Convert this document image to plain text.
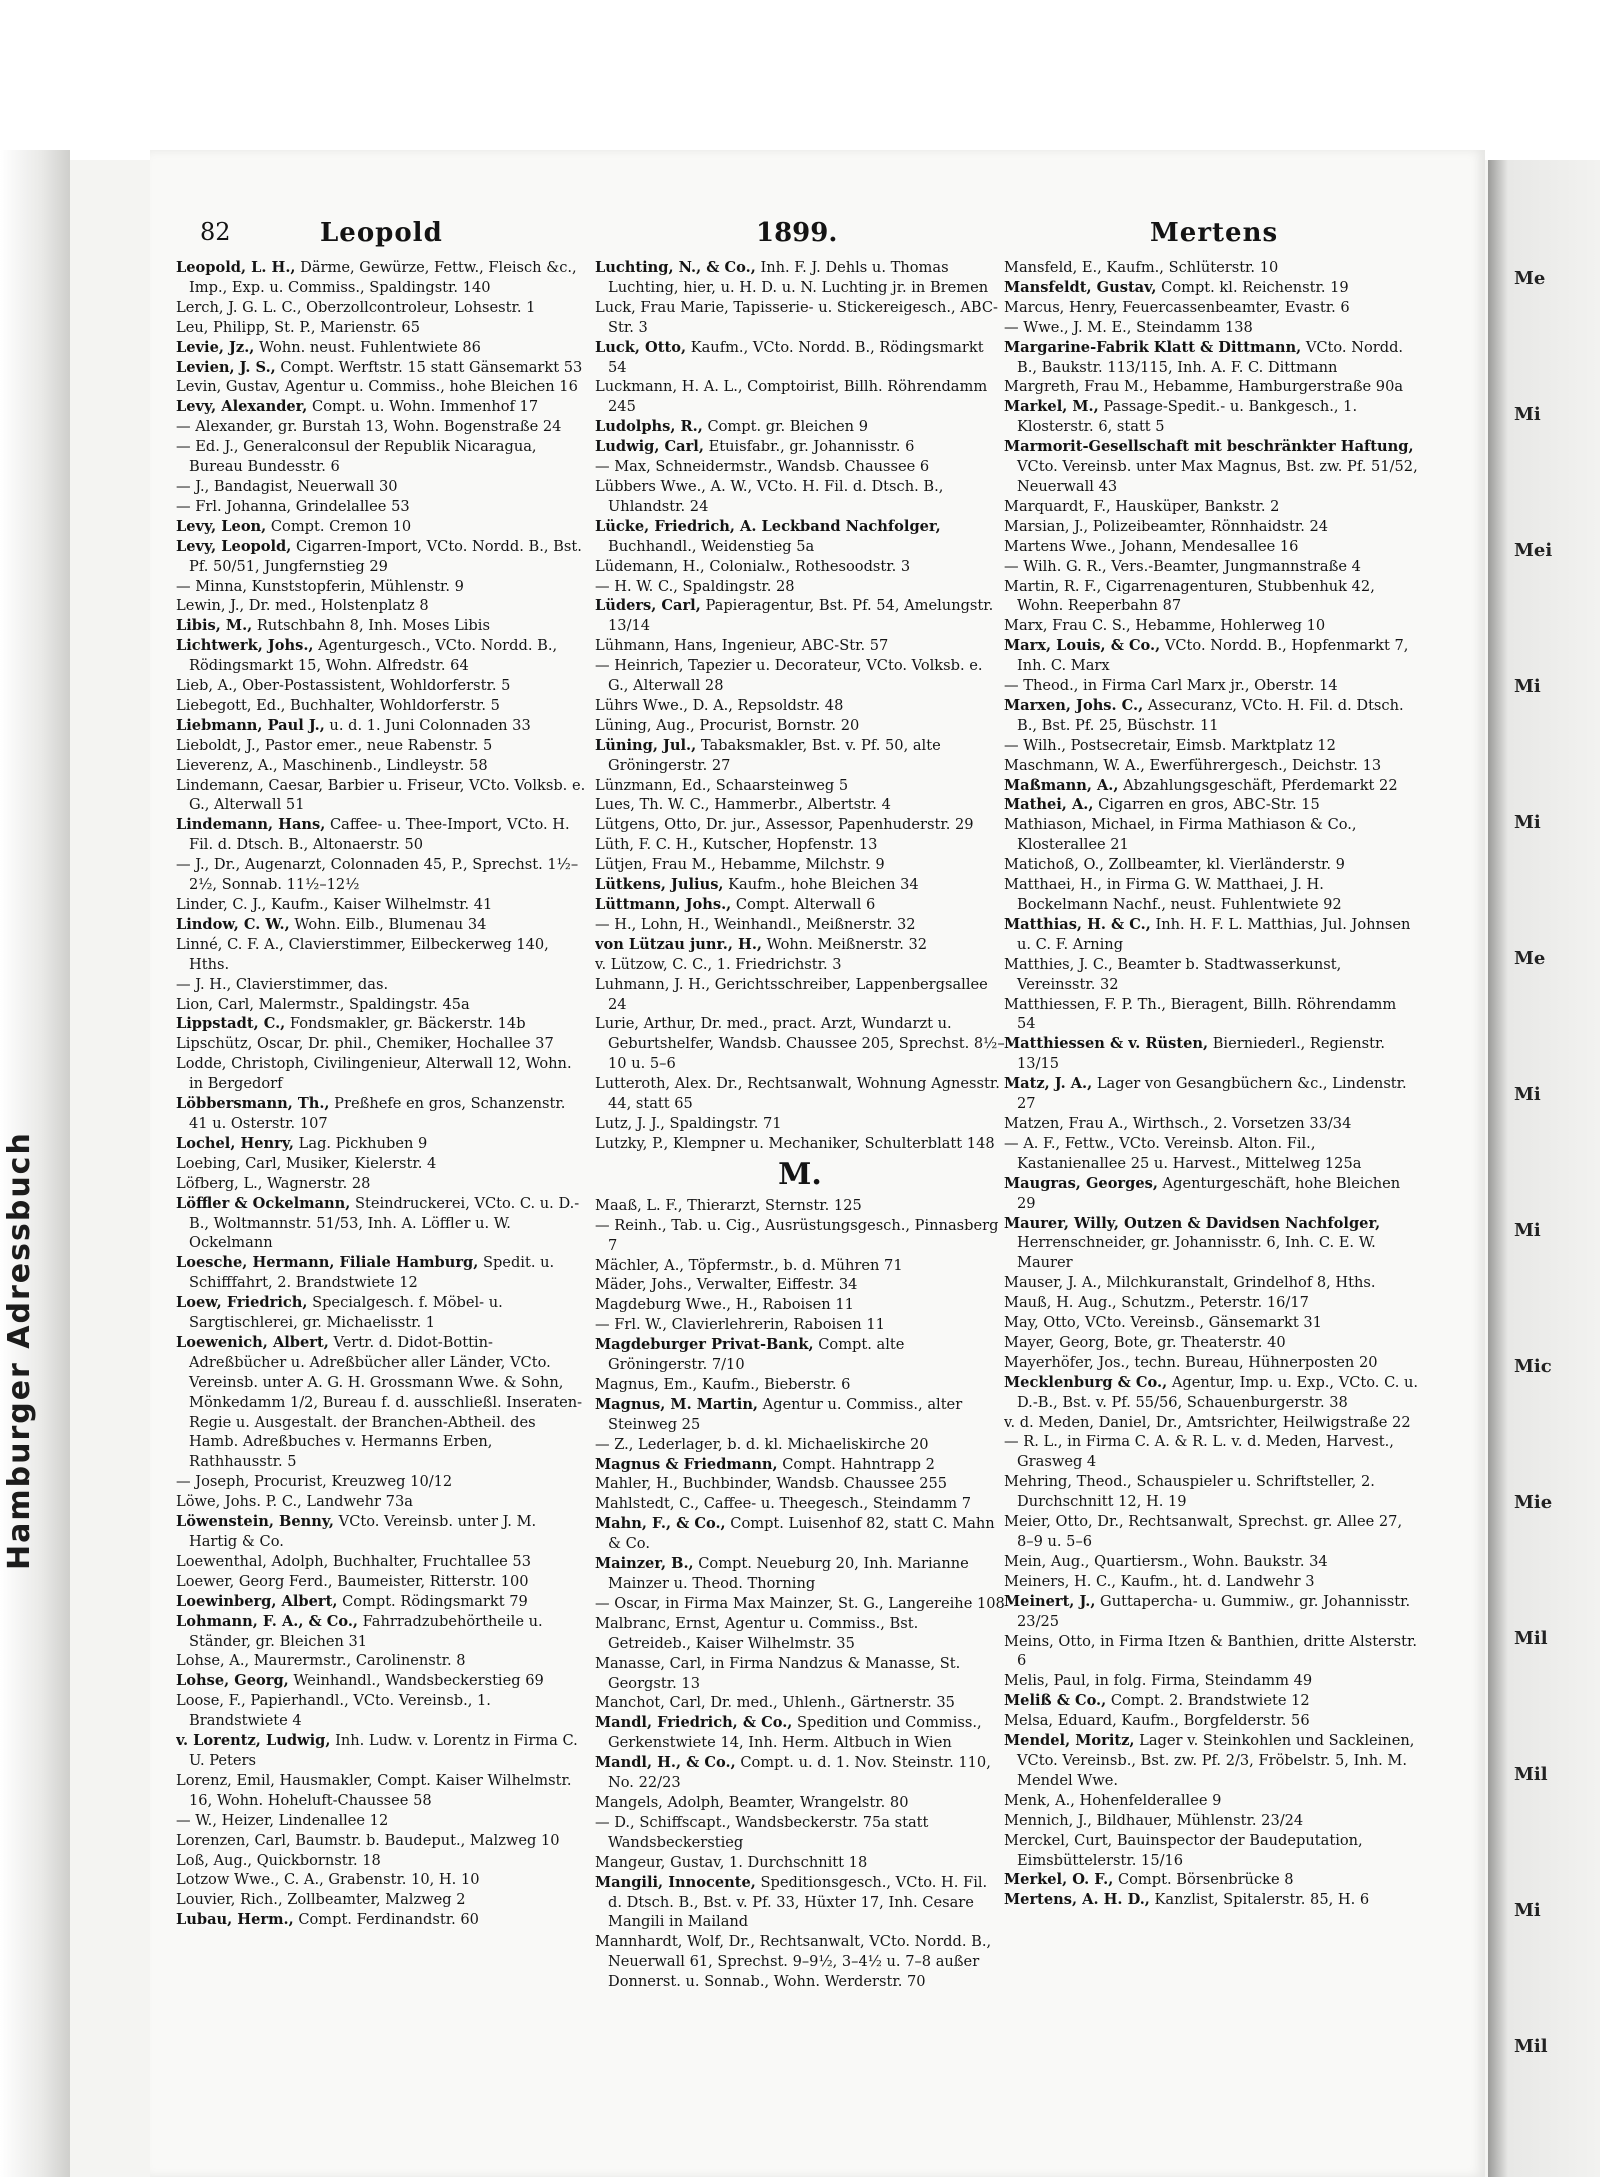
Hamburger Adressbuch
Me
Mi
Mei
Mi
Mi
Me
Mi
Mi
Mic
Mie
Mil
Mil
Mi
Mil
82	Leopold	1899.	Mertens

Leopold, L. H., Därme, Gewürze, Fettw., Fleisch &c., Imp., Exp. u. Commiss., Spaldingstr. 140

Lerch, J. G. L. C., Oberzollcontroleur, Lohsestr. 1

Leu, Philipp, St. P., Marienstr. 65

Levie, Jz., Wohn. neust. Fuhlentwiete 86

Levien, J. S., Compt. Werftstr. 15 statt Gänsemarkt 53

Levin, Gustav, Agentur u. Commiss., hohe Bleichen 16

Levy, Alexander, Compt. u. Wohn. Immenhof 17

— Alexander, gr. Burstah 13, Wohn. Bogenstraße 24

— Ed. J., Generalconsul der Republik Nicaragua, Bureau Bundesstr. 6

— J., Bandagist, Neuerwall 30

— Frl. Johanna, Grindelallee 53

Levy, Leon, Compt. Cremon 10

Levy, Leopold, Cigarren-Import, VCto. Nordd. B., Bst. Pf. 50/51, Jungfernstieg 29

— Minna, Kunststopferin, Mühlenstr. 9

Lewin, J., Dr. med., Holstenplatz 8

Libis, M., Rutschbahn 8, Inh. Moses Libis

Lichtwerk, Johs., Agenturgesch., VCto. Nordd. B., Rödingsmarkt 15, Wohn. Alfredstr. 64

Lieb, A., Ober-Postassistent, Wohldorferstr. 5

Liebegott, Ed., Buchhalter, Wohldorferstr. 5

Liebmann, Paul J., u. d. 1. Juni Colonnaden 33

Lieboldt, J., Pastor emer., neue Rabenstr. 5

Lieverenz, A., Maschinenb., Lindleystr. 58

Lindemann, Caesar, Barbier u. Friseur, VCto. Volksb. e. G., Alterwall 51

Lindemann, Hans, Caffee- u. Thee-Import, VCto. H. Fil. d. Dtsch. B., Altonaerstr. 50

— J., Dr., Augenarzt, Colonnaden 45, P., Sprechst. 1½–2½, Sonnab. 11½–12½

Linder, C. J., Kaufm., Kaiser Wilhelmstr. 41

Lindow, C. W., Wohn. Eilb., Blumenau 34

Linné, C. F. A., Clavierstimmer, Eilbeckerweg 140, Hths.

— J. H., Clavierstimmer, das.

Lion, Carl, Malermstr., Spaldingstr. 45a

Lippstadt, C., Fondsmakler, gr. Bäckerstr. 14b

Lipschütz, Oscar, Dr. phil., Chemiker, Hochallee 37

Lodde, Christoph, Civilingenieur, Alterwall 12, Wohn. in Bergedorf

Löbbersmann, Th., Preßhefe en gros, Schanzenstr. 41 u. Osterstr. 107

Lochel, Henry, Lag. Pickhuben 9

Loebing, Carl, Musiker, Kielerstr. 4

Löfberg, L., Wagnerstr. 28

Löffler & Ockelmann, Steindruckerei, VCto. C. u. D.-B., Woltmannstr. 51/53, Inh. A. Löffler u. W. Ockelmann

Loesche, Hermann, Filiale Hamburg, Spedit. u. Schifffahrt, 2. Brandstwiete 12

Loew, Friedrich, Specialgesch. f. Möbel- u. Sargtischlerei, gr. Michaelisstr. 1

Loewenich, Albert, Vertr. d. Didot-Bottin-Adreßbücher u. Adreßbücher aller Länder, VCto. Vereinsb. unter A. G. H. Grossmann Wwe. & Sohn, Mönkedamm 1/2, Bureau f. d. ausschließl. Inseraten-Regie u. Ausgestalt. der Branchen-Abtheil. des Hamb. Adreßbuches v. Hermanns Erben, Rathhausstr. 5

— Joseph, Procurist, Kreuzweg 10/12

Löwe, Johs. P. C., Landwehr 73a

Löwenstein, Benny, VCto. Vereinsb. unter J. M. Hartig & Co.

Loewenthal, Adolph, Buchhalter, Fruchtallee 53

Loewer, Georg Ferd., Baumeister, Ritterstr. 100

Loewinberg, Albert, Compt. Rödingsmarkt 79

Lohmann, F. A., & Co., Fahrradzubehörtheile u. Ständer, gr. Bleichen 31

Lohse, A., Maurermstr., Carolinenstr. 8

Lohse, Georg, Weinhandl., Wandsbeckerstieg 69

Loose, F., Papierhandl., VCto. Vereinsb., 1. Brandstwiete 4

v. Lorentz, Ludwig, Inh. Ludw. v. Lorentz in Firma C. U. Peters

Lorenz, Emil, Hausmakler, Compt. Kaiser Wilhelmstr. 16, Wohn. Hoheluft-Chaussee 58

— W., Heizer, Lindenallee 12

Lorenzen, Carl, Baumstr. b. Baudeput., Malzweg 10

Loß, Aug., Quickbornstr. 18

Lotzow Wwe., C. A., Grabenstr. 10, H. 10

Louvier, Rich., Zollbeamter, Malzweg 2

Lubau, Herm., Compt. Ferdinandstr. 60

Luchting, N., & Co., Inh. F. J. Dehls u. Thomas Luchting, hier, u. H. D. u. N. Luchting jr. in Bremen

Luck, Frau Marie, Tapisserie- u. Stickereigesch., ABC-Str. 3

Luck, Otto, Kaufm., VCto. Nordd. B., Rödingsmarkt 54

Luckmann, H. A. L., Comptoirist, Billh. Röhrendamm 245

Ludolphs, R., Compt. gr. Bleichen 9

Ludwig, Carl, Etuisfabr., gr. Johannisstr. 6

— Max, Schneidermstr., Wandsb. Chaussee 6

Lübbers Wwe., A. W., VCto. H. Fil. d. Dtsch. B., Uhlandstr. 24

Lücke, Friedrich, A. Leckband Nachfolger, Buchhandl., Weidenstieg 5a

Lüdemann, H., Colonialw., Rothesoodstr. 3

— H. W. C., Spaldingstr. 28

Lüders, Carl, Papieragentur, Bst. Pf. 54, Amelungstr. 13/14

Lühmann, Hans, Ingenieur, ABC-Str. 57

— Heinrich, Tapezier u. Decorateur, VCto. Volksb. e. G., Alterwall 28

Lührs Wwe., D. A., Repsoldstr. 48

Lüning, Aug., Procurist, Bornstr. 20

Lüning, Jul., Tabaksmakler, Bst. v. Pf. 50, alte Gröningerstr. 27

Lünzmann, Ed., Schaarsteinweg 5

Lues, Th. W. C., Hammerbr., Albertstr. 4

Lütgens, Otto, Dr. jur., Assessor, Papenhuderstr. 29

Lüth, F. C. H., Kutscher, Hopfenstr. 13

Lütjen, Frau M., Hebamme, Milchstr. 9

Lütkens, Julius, Kaufm., hohe Bleichen 34

Lüttmann, Johs., Compt. Alterwall 6

— H., Lohn, H., Weinhandl., Meißnerstr. 32

von Lützau junr., H., Wohn. Meißnerstr. 32

v. Lützow, C. C., 1. Friedrichstr. 3

Luhmann, J. H., Gerichtsschreiber, Lappenbergsallee 24

Lurie, Arthur, Dr. med., pract. Arzt, Wundarzt u. Geburtshelfer, Wandsb. Chaussee 205, Sprechst. 8½–10 u. 5–6

Lutteroth, Alex. Dr., Rechtsanwalt, Wohnung Agnesstr. 44, statt 65

Lutz, J. J., Spaldingstr. 71

Lutzky, P., Klempner u. Mechaniker, Schulterblatt 148

M.

Maaß, L. F., Thierarzt, Sternstr. 125

— Reinh., Tab. u. Cig., Ausrüstungsgesch., Pinnasberg 7

Mächler, A., Töpfermstr., b. d. Mühren 71

Mäder, Johs., Verwalter, Eiffestr. 34

Magdeburg Wwe., H., Raboisen 11

— Frl. W., Clavierlehrerin, Raboisen 11

Magdeburger Privat-Bank, Compt. alte Gröningerstr. 7/10

Magnus, Em., Kaufm., Bieberstr. 6

Magnus, M. Martin, Agentur u. Commiss., alter Steinweg 25

— Z., Lederlager, b. d. kl. Michaeliskirche 20

Magnus & Friedmann, Compt. Hahntrapp 2

Mahler, H., Buchbinder, Wandsb. Chaussee 255

Mahlstedt, C., Caffee- u. Theegesch., Steindamm 7

Mahn, F., & Co., Compt. Luisenhof 82, statt C. Mahn & Co.

Mainzer, B., Compt. Neueburg 20, Inh. Marianne Mainzer u. Theod. Thorning

— Oscar, in Firma Max Mainzer, St. G., Langereihe 108

Malbranc, Ernst, Agentur u. Commiss., Bst. Getreideb., Kaiser Wilhelmstr. 35

Manasse, Carl, in Firma Nandzus & Manasse, St. Georgstr. 13

Manchot, Carl, Dr. med., Uhlenh., Gärtnerstr. 35

Mandl, Friedrich, & Co., Spedition und Commiss., Gerkenstwiete 14, Inh. Herm. Altbuch in Wien

Mandl, H., & Co., Compt. u. d. 1. Nov. Steinstr. 110, No. 22/23

Mangels, Adolph, Beamter, Wrangelstr. 80

— D., Schiffscapt., Wandsbeckerstr. 75a statt Wandsbeckerstieg

Mangeur, Gustav, 1. Durchschnitt 18

Mangili, Innocente, Speditionsgesch., VCto. H. Fil. d. Dtsch. B., Bst. v. Pf. 33, Hüxter 17, Inh. Cesare Mangili in Mailand

Mannhardt, Wolf, Dr., Rechtsanwalt, VCto. Nordd. B., Neuerwall 61, Sprechst. 9–9½, 3–4½ u. 7–8 außer Donnerst. u. Sonnab., Wohn. Werderstr. 70

Mansfeld, E., Kaufm., Schlüterstr. 10

Mansfeldt, Gustav, Compt. kl. Reichenstr. 19

Marcus, Henry, Feuercassenbeamter, Evastr. 6

— Wwe., J. M. E., Steindamm 138

Margarine-Fabrik Klatt & Dittmann, VCto. Nordd. B., Baukstr. 113/115, Inh. A. F. C. Dittmann

Margreth, Frau M., Hebamme, Hamburgerstraße 90a

Markel, M., Passage-Spedit.- u. Bankgesch., 1. Klosterstr. 6, statt 5

Marmorit-Gesellschaft mit beschränkter Haftung, VCto. Vereinsb. unter Max Magnus, Bst. zw. Pf. 51/52, Neuerwall 43

Marquardt, F., Hausküper, Bankstr. 2

Marsian, J., Polizeibeamter, Rönnhaidstr. 24

Martens Wwe., Johann, Mendesallee 16

— Wilh. G. R., Vers.-Beamter, Jungmannstraße 4

Martin, R. F., Cigarrenagenturen, Stubbenhuk 42, Wohn. Reeperbahn 87

Marx, Frau C. S., Hebamme, Hohlerweg 10

Marx, Louis, & Co., VCto. Nordd. B., Hopfenmarkt 7, Inh. C. Marx

— Theod., in Firma Carl Marx jr., Oberstr. 14

Marxen, Johs. C., Assecuranz, VCto. H. Fil. d. Dtsch. B., Bst. Pf. 25, Büschstr. 11

— Wilh., Postsecretair, Eimsb. Marktplatz 12

Maschmann, W. A., Ewerführergesch., Deichstr. 13

Maßmann, A., Abzahlungsgeschäft, Pferdemarkt 22

Mathei, A., Cigarren en gros, ABC-Str. 15

Mathiason, Michael, in Firma Mathiason & Co., Klosterallee 21

Matichoß, O., Zollbeamter, kl. Vierländerstr. 9

Matthaei, H., in Firma G. W. Matthaei, J. H. Bockelmann Nachf., neust. Fuhlentwiete 92

Matthias, H. & C., Inh. H. F. L. Matthias, Jul. Johnsen u. C. F. Arning

Matthies, J. C., Beamter b. Stadtwasserkunst, Vereinsstr. 32

Matthiessen, F. P. Th., Bieragent, Billh. Röhrendamm 54

Matthiessen & v. Rüsten, Bierniederl., Regienstr. 13/15

Matz, J. A., Lager von Gesangbüchern &c., Lindenstr. 27

Matzen, Frau A., Wirthsch., 2. Vorsetzen 33/34

— A. F., Fettw., VCto. Vereinsb. Alton. Fil., Kastanienallee 25 u. Harvest., Mittelweg 125a

Maugras, Georges, Agenturgeschäft, hohe Bleichen 29

Maurer, Willy, Outzen & Davidsen Nachfolger, Herrenschneider, gr. Johannisstr. 6, Inh. C. E. W. Maurer

Mauser, J. A., Milchkuranstalt, Grindelhof 8, Hths.

Mauß, H. Aug., Schutzm., Peterstr. 16/17

May, Otto, VCto. Vereinsb., Gänsemarkt 31

Mayer, Georg, Bote, gr. Theaterstr. 40

Mayerhöfer, Jos., techn. Bureau, Hühnerposten 20

Mecklenburg & Co., Agentur, Imp. u. Exp., VCto. C. u. D.-B., Bst. v. Pf. 55/56, Schauenburgerstr. 38

v. d. Meden, Daniel, Dr., Amtsrichter, Heilwigstraße 22

— R. L., in Firma C. A. & R. L. v. d. Meden, Harvest., Grasweg 4

Mehring, Theod., Schauspieler u. Schriftsteller, 2. Durchschnitt 12, H. 19

Meier, Otto, Dr., Rechtsanwalt, Sprechst. gr. Allee 27, 8–9 u. 5–6

Mein, Aug., Quartiersm., Wohn. Baukstr. 34

Meiners, H. C., Kaufm., ht. d. Landwehr 3

Meinert, J., Guttapercha- u. Gummiw., gr. Johannisstr. 23/25

Meins, Otto, in Firma Itzen & Banthien, dritte Alsterstr. 6

Melis, Paul, in folg. Firma, Steindamm 49

Meliß & Co., Compt. 2. Brandstwiete 12

Melsa, Eduard, Kaufm., Borgfelderstr. 56

Mendel, Moritz, Lager v. Steinkohlen und Sackleinen, VCto. Vereinsb., Bst. zw. Pf. 2/3, Fröbelstr. 5, Inh. M. Mendel Wwe.

Menk, A., Hohenfelderallee 9

Mennich, J., Bildhauer, Mühlenstr. 23/24

Merckel, Curt, Bauinspector der Baudeputation, Eimsbüttelerstr. 15/16

Merkel, O. F., Compt. Börsenbrücke 8

Mertens, A. H. D., Kanzlist, Spitalerstr. 85, H. 6
